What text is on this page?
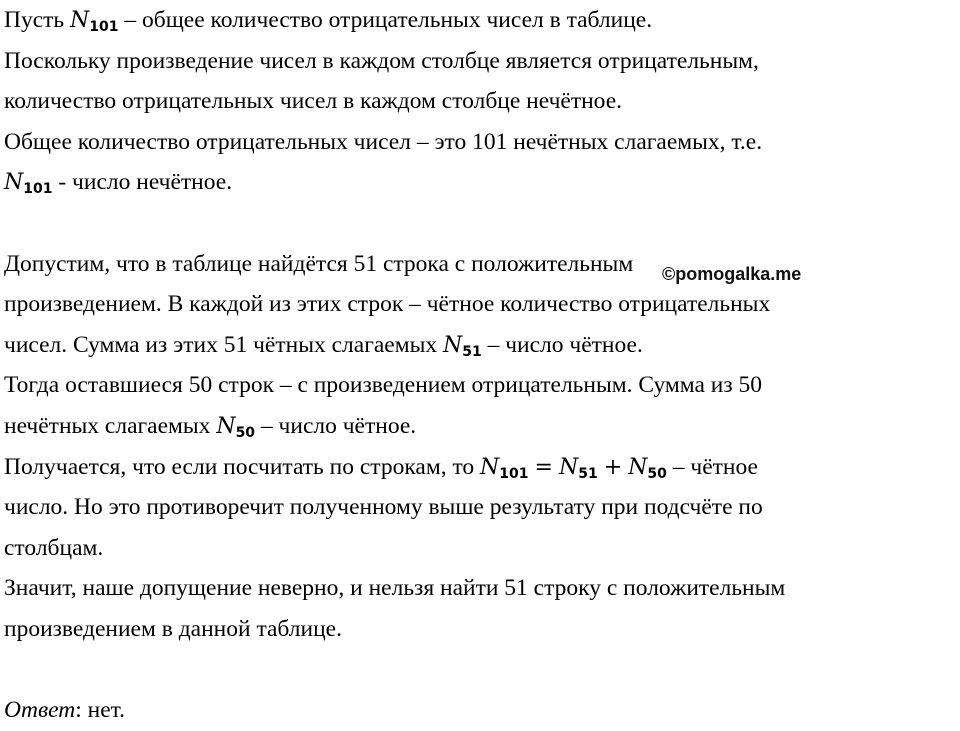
Пусть $N_{101}$ – общее количество отрицательных чисел в таблице.
Поскольку произведение чисел в каждом столбце является отрицательным,
количество отрицательных чисел в каждом столбце нечётное.
Общее количество отрицательных чисел – это 101 нечётных слагаемых, т.е.
$N_{101}$ - число нечётное.
Допустим, что в таблице найдётся 51 строка с положительным
произведением. В каждой из этих строк – чётное количество отрицательных
чисел. Сумма из этих 51 чётных слагаемых $N_{51}$ – число чётное.
Тогда оставшиеся 50 строк – с произведением отрицательным. Сумма из 50
нечётных слагаемых $N_{50}$ – число чётное.
Получается, что если посчитать по строкам, то $N_{101} = N_{51} + N_{50}$ – чётное
число. Но это противоречит полученному выше результату при подсчёте по
столбцам.
Значит, наше допущение неверно, и нельзя найти 51 строку с положительным
произведением в данной таблице.
Ответ: нет.
©pomogalka.me
